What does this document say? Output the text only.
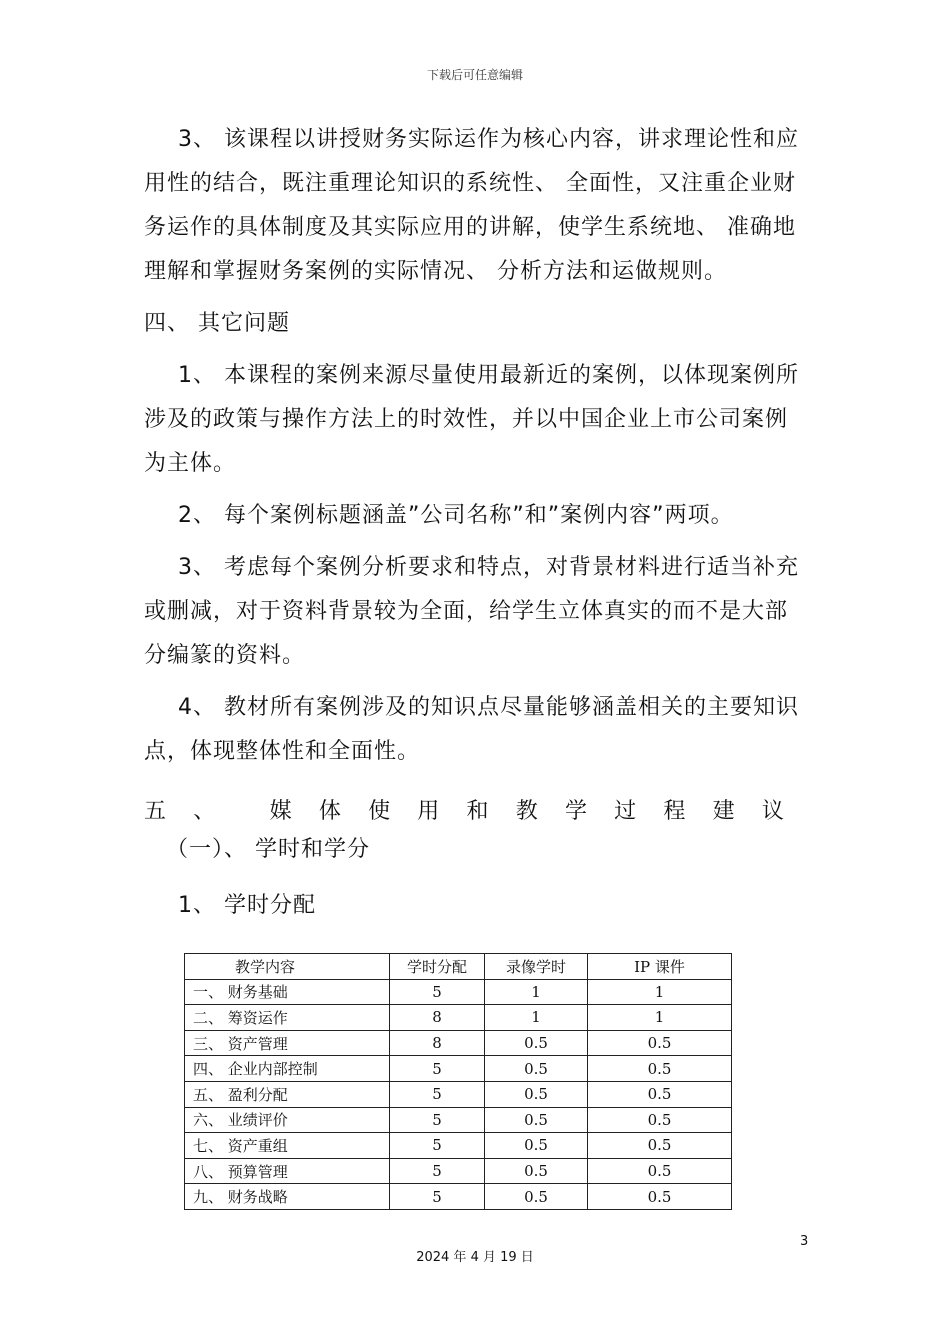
下载后可任意编辑

3、 该课程以讲授财务实际运作为核心内容，讲求理论性和应用性的结合，既注重理论知识的系统性、 全面性，又注重企业财务运作的具体制度及其实际应用的讲解，使学生系统地、 准确地理解和掌握财务案例的实际情况、 分析方法和运做规则。

四、 其它问题

1、 本课程的案例来源尽量使用最新近的案例，以体现案例所涉及的政策与操作方法上的时效性，并以中国企业上市公司案例为主体。

2、 每个案例标题涵盖”公司名称”和”案例内容”两项。

3、 考虑每个案例分析要求和特点，对背景材料进行适当补充或删减，对于资料背景较为全面，给学生立体真实的而不是大部分编篆的资料。

4、 教材所有案例涉及的知识点尽量能够涵盖相关的主要知识点，体现整体性和全面性。

五 、 媒 体 使 用 和 教 学 过 程 建 议
（一）、 学时和学分
1、 学时分配
教学内容	学时分配	录像学时	IP 课件
一、 财务基础	5	1	1
二、 筹资运作	8	1	1
三、 资产管理	8	0.5	0.5
四、 企业内部控制	5	0.5	0.5
五、 盈利分配	5	0.5	0.5
六、 业绩评价	5	0.5	0.5
七、 资产重组	5	0.5	0.5
八、 预算管理	5	0.5	0.5
九、 财务战略	5	0.5	0.5
3
2024 年 4 月 19 日
